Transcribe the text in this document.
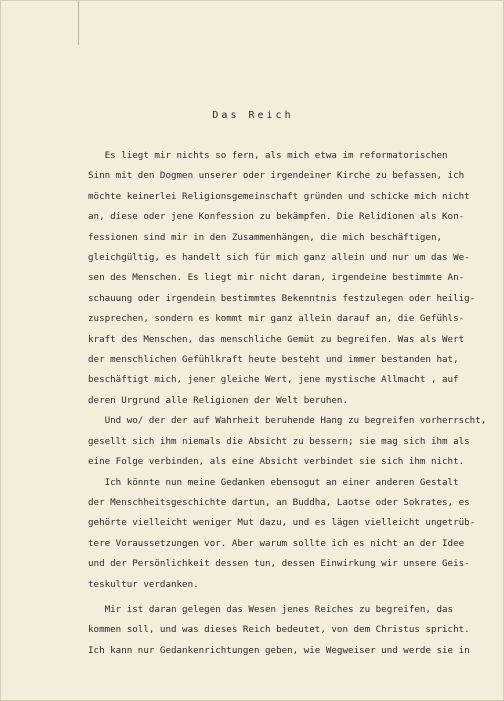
Das Reich
Es liegt mir nichts so fern, als mich etwa im reformatorischen
Sinn mit den Dogmen unserer oder irgendeiner Kirche zu befassen, ich
möchte keinerlei Religionsgemeinschaft gründen und schicke mich nicht
an, diese oder jene Konfession zu bekämpfen. Die Relidionen als Kon-
fessionen sind mir in den Zusammenhängen, die mich beschäftigen,
gleichgültig, es handelt sich für mich ganz allein und nur um das We-
sen des Menschen. Es liegt mir nicht daran, irgendeine bestimmte An-
schauung oder irgendein bestimmtes Bekenntnis festzulegen oder heilig-
zusprechen, sondern es kommt mir ganz allein darauf an, die Gefühls-
kraft des Menschen, das menschliche Gemüt zu begreifen. Was als Wert
der menschlichen Gefühlkraft heute besteht und immer bestanden hat,
beschäftigt mich, jener gleiche Wert, jene mystische Allmacht , auf
deren Urgrund alle Religionen der Welt beruhen.
Und wo/ der der auf Wahrheit beruhende Hang zu begreifen vorherrscht,
gesellt sich ihm niemals die Absicht zu bessern; sie mag sich ihm als
eine Folge verbinden, als eine Absicht verbindet sie sich ihm nicht.
Ich könnte nun meine Gedanken ebensogut an einer anderen Gestalt
der Menschheitsgeschichte dartun, an Buddha, Laotse oder Sokrates, es
gehörte vielleicht weniger Mut dazu, und es lägen vielleicht ungetrüb-
tere Voraussetzungen vor. Aber warum sollte ich es nicht an der Idee
und der Persönlichkeit dessen tun, dessen Einwirkung wir unsere Geis-
teskultur verdanken.
Mir ist daran gelegen das Wesen jenes Reiches zu begreifen, das
kommen soll, und was dieses Reich bedeutet, von dem Christus spricht.
Ich kann nur Gedankenrichtungen geben, wie Wegweiser und werde sie in
